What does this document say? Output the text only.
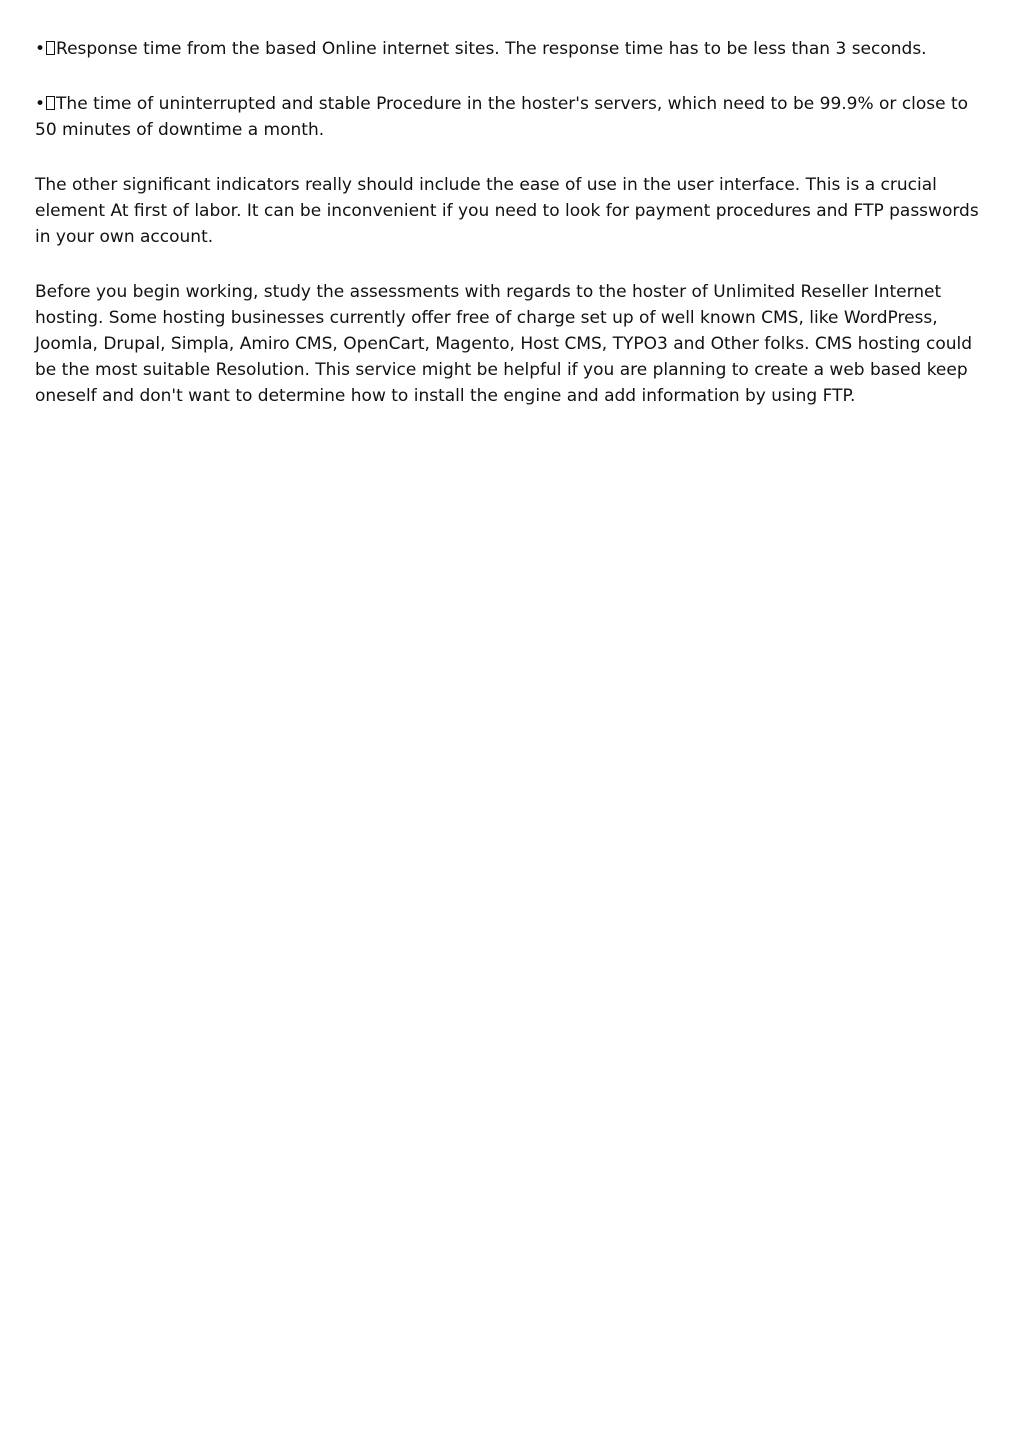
• Response time from the based Online internet sites. The response time has to be less than 3 seconds.

• The time of uninterrupted and stable Procedure in the hoster's servers, which need to be 99.9% or close to 50 minutes of downtime a month.

The other significant indicators really should include the ease of use in the user interface. This is a crucial element At first of labor. It can be inconvenient if you need to look for payment procedures and FTP passwords in your own account.

Before you begin working, study the assessments with regards to the hoster of Unlimited Reseller Internet hosting. Some hosting businesses currently offer free of charge set up of well known CMS, like WordPress, Joomla, Drupal, Simpla, Amiro CMS, OpenCart, Magento, Host CMS, TYPO3 and Other folks. CMS hosting could be the most suitable Resolution. This service might be helpful if you are planning to create a web based keep oneself and don't want to determine how to install the engine and add information by using FTP.
